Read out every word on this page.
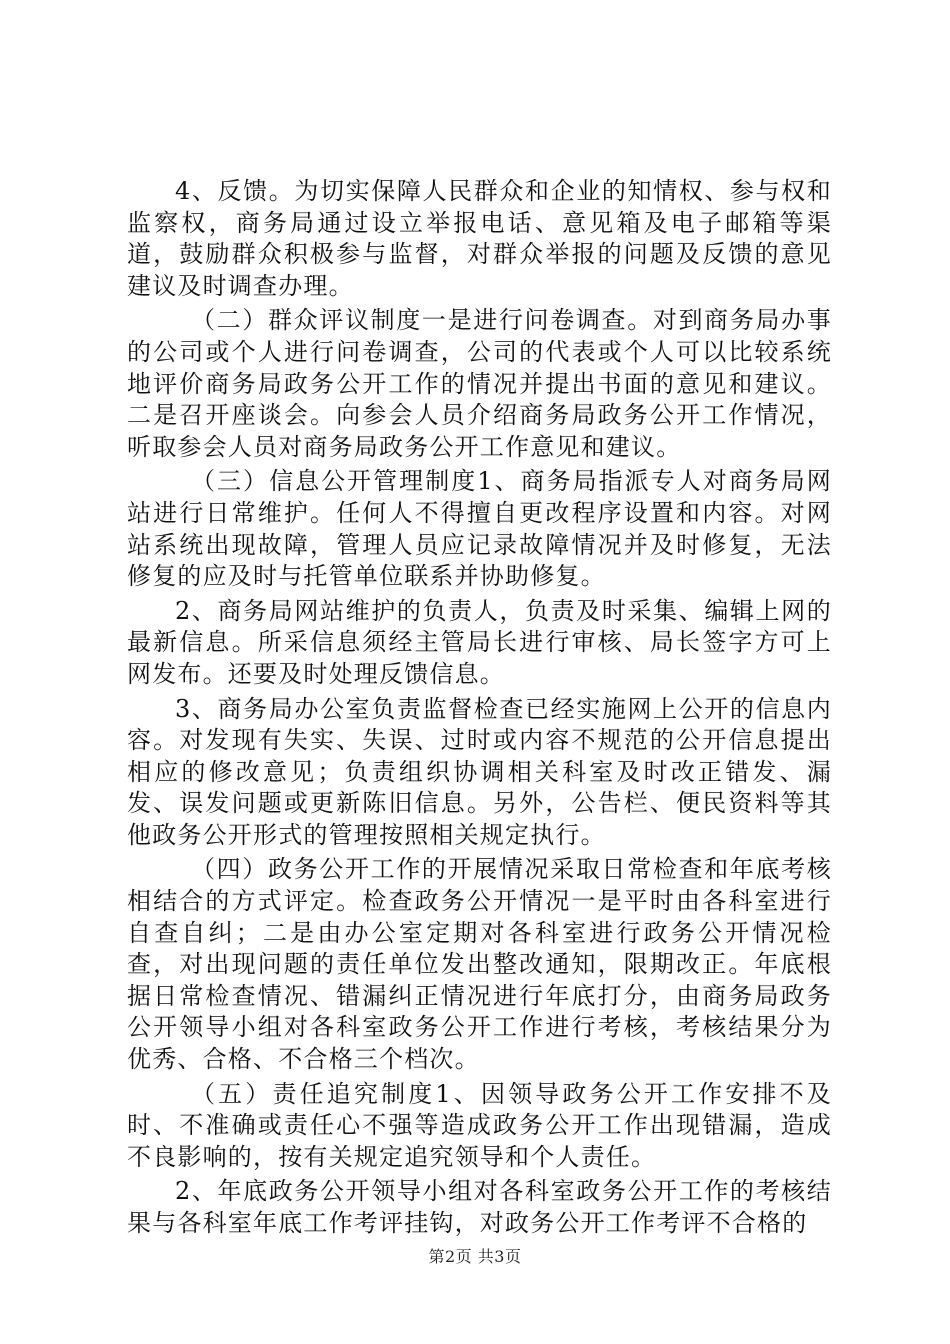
4、反馈。为切实保障人民群众和企业的知情权、参与权和监察权，商务局通过设立举报电话、意见箱及电子邮箱等渠道，鼓励群众积极参与监督，对群众举报的问题及反馈的意见建议及时调查办理。

（二）群众评议制度一是进行问卷调查。对到商务局办事的公司或个人进行问卷调查，公司的代表或个人可以比较系统地评价商务局政务公开工作的情况并提出书面的意见和建议。二是召开座谈会。向参会人员介绍商务局政务公开工作情况，听取参会人员对商务局政务公开工作意见和建议。

（三）信息公开管理制度1、商务局指派专人对商务局网站进行日常维护。任何人不得擅自更改程序设置和内容。对网站系统出现故障，管理人员应记录故障情况并及时修复，无法修复的应及时与托管单位联系并协助修复。

2、商务局网站维护的负责人，负责及时采集、编辑上网的最新信息。所采信息须经主管局长进行审核、局长签字方可上网发布。还要及时处理反馈信息。

3、商务局办公室负责监督检查已经实施网上公开的信息内容。对发现有失实、失误、过时或内容不规范的公开信息提出相应的修改意见；负责组织协调相关科室及时改正错发、漏发、误发问题或更新陈旧信息。另外，公告栏、便民资料等其他政务公开形式的管理按照相关规定执行。

（四）政务公开工作的开展情况采取日常检查和年底考核相结合的方式评定。检查政务公开情况一是平时由各科室进行自查自纠；二是由办公室定期对各科室进行政务公开情况检查，对出现问题的责任单位发出整改通知，限期改正。年底根据日常检查情况、错漏纠正情况进行年底打分，由商务局政务公开领导小组对各科室政务公开工作进行考核，考核结果分为优秀、合格、不合格三个档次。

（五）责任追究制度1、因领导政务公开工作安排不及时、不准确或责任心不强等造成政务公开工作出现错漏，造成不良影响的，按有关规定追究领导和个人责任。

2、年底政务公开领导小组对各科室政务公开工作的考核结果与各科室年底工作考评挂钩，对政务公开工作考评不合格的

第2页 共3页
